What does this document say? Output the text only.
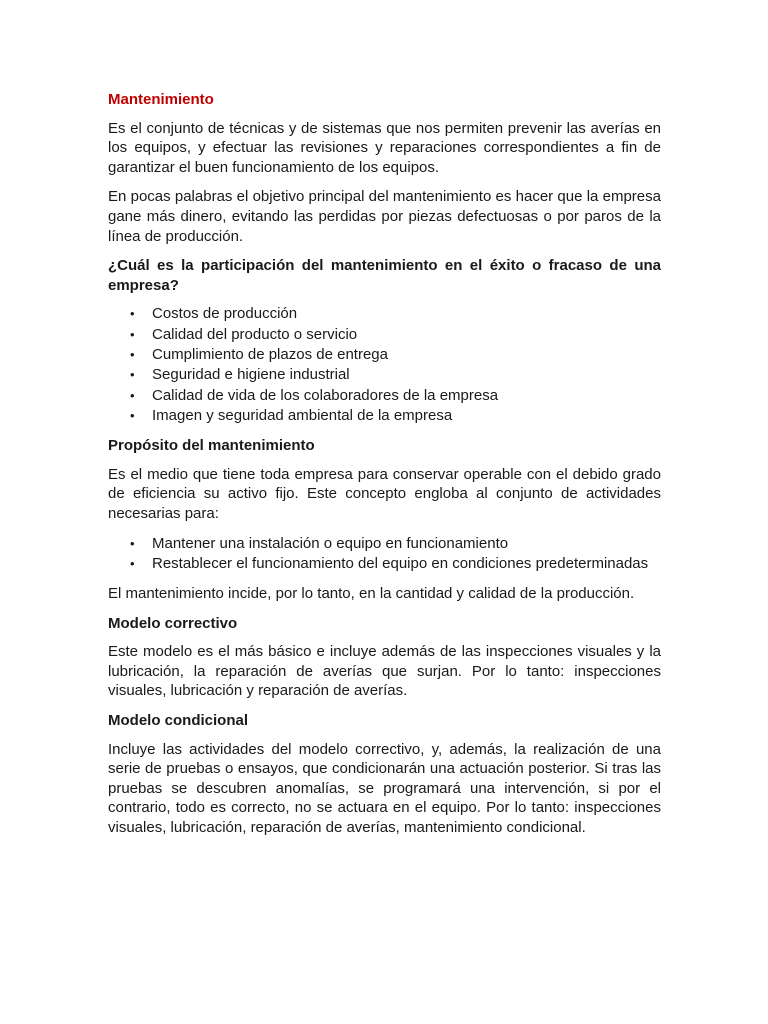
Mantenimiento

Es el conjunto de técnicas y de sistemas que nos permiten prevenir las averías en los equipos, y efectuar las revisiones y reparaciones correspondientes a fin de garantizar el buen funcionamiento de los equipos.

En pocas palabras el objetivo principal del mantenimiento es hacer que la empresa gane más dinero, evitando las perdidas por piezas defectuosas o por paros de la línea de producción.

¿Cuál es la participación del mantenimiento en el éxito o fracaso de una empresa?
• Costos de producción
• Calidad del producto o servicio
• Cumplimiento de plazos de entrega
• Seguridad e higiene industrial
• Calidad de vida de los colaboradores de la empresa
• Imagen y seguridad ambiental de la empresa
Propósito del mantenimiento

Es el medio que tiene toda empresa para conservar operable con el debido grado de eficiencia su activo fijo. Este concepto engloba al conjunto de actividades necesarias para:

• Mantener una instalación o equipo en funcionamiento
• Restablecer el funcionamiento del equipo en condiciones predeterminadas

El mantenimiento incide, por lo tanto, en la cantidad y calidad de la producción.

Modelo correctivo

Este modelo es el más básico e incluye además de las inspecciones visuales y la lubricación, la reparación de averías que surjan. Por lo tanto: inspecciones visuales, lubricación y reparación de averías.

Modelo condicional

Incluye las actividades del modelo correctivo, y, además, la realización de una serie de pruebas o ensayos, que condicionarán una actuación posterior. Si tras las pruebas se descubren anomalías, se programará una intervención, si por el contrario, todo es correcto, no se actuara en el equipo. Por lo tanto: inspecciones visuales, lubricación, reparación de averías, mantenimiento condicional.
